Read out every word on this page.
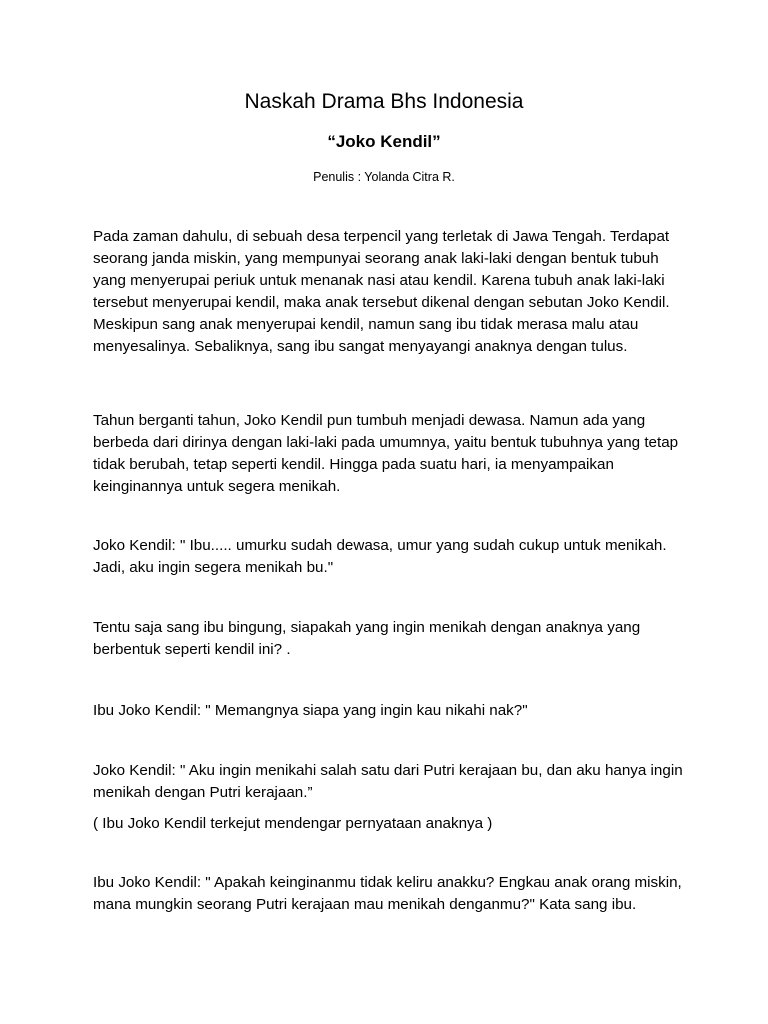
Naskah Drama Bhs Indonesia
“Joko Kendil”

Penulis : Yolanda Citra R.

Pada zaman dahulu, di sebuah desa terpencil yang terletak di Jawa Tengah. Terdapat seorang janda miskin, yang mempunyai seorang anak laki-laki dengan bentuk tubuh yang menyerupai periuk untuk menanak nasi atau kendil. Karena tubuh anak laki-laki tersebut menyerupai kendil, maka anak tersebut dikenal dengan sebutan Joko Kendil. Meskipun sang anak menyerupai kendil, namun sang ibu tidak merasa malu atau menyesalinya. Sebaliknya, sang ibu sangat menyayangi anaknya dengan tulus.

Tahun berganti tahun, Joko Kendil pun tumbuh menjadi dewasa. Namun ada yang berbeda dari dirinya dengan laki-laki pada umumnya, yaitu bentuk tubuhnya yang tetap tidak berubah, tetap seperti kendil. Hingga pada suatu hari, ia menyampaikan keinginannya untuk segera menikah.

Joko Kendil: " Ibu..... umurku sudah dewasa, umur yang sudah cukup untuk menikah. Jadi, aku ingin segera menikah bu."

Tentu saja sang ibu bingung, siapakah yang ingin menikah dengan anaknya yang berbentuk seperti kendil ini? .

Ibu Joko Kendil: " Memangnya siapa yang ingin kau nikahi nak?"

Joko Kendil: " Aku ingin menikahi salah satu dari Putri kerajaan bu, dan aku hanya ingin menikah dengan Putri kerajaan.”

( Ibu Joko Kendil terkejut mendengar pernyataan anaknya )

Ibu Joko Kendil: " Apakah keinginanmu tidak keliru anakku? Engkau anak orang miskin, mana mungkin seorang Putri kerajaan mau menikah denganmu?" Kata sang ibu.
